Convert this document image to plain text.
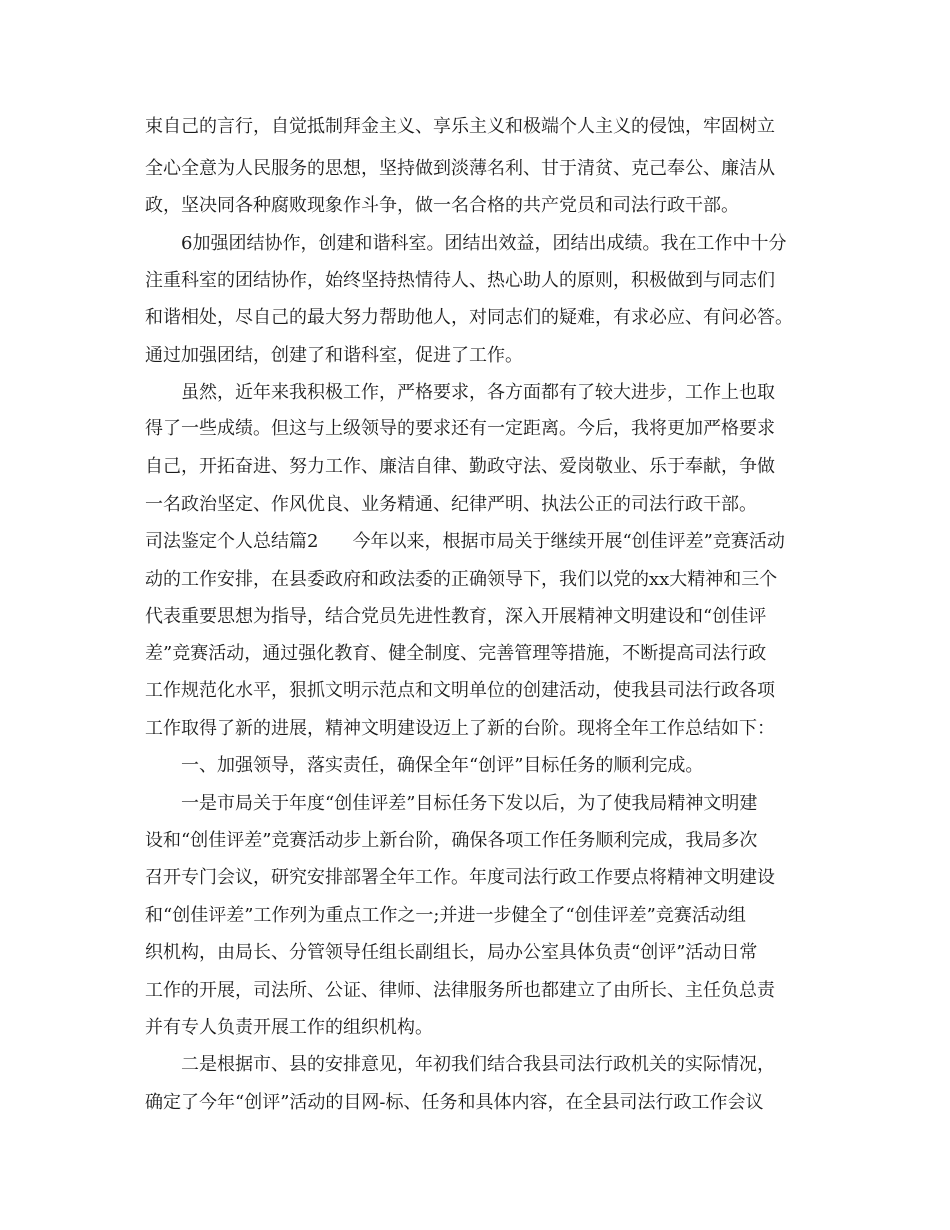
束自己的言行，自觉抵制拜金主义、享乐主义和极端个人主义的侵蚀，牢固树立
全心全意为人民服务的思想，坚持做到淡薄名利、甘于清贫、克己奉公、廉洁从
政，坚决同各种腐败现象作斗争，做一名合格的共产党员和司法行政干部。
6加强团结协作，创建和谐科室。团结出效益，团结出成绩。我在工作中十分
注重科室的团结协作，始终坚持热情待人、热心助人的原则，积极做到与同志们
和谐相处，尽自己的最大努力帮助他人，对同志们的疑难，有求必应、有问必答。
通过加强团结，创建了和谐科室，促进了工作。
虽然，近年来我积极工作，严格要求，各方面都有了较大进步，工作上也取
得了一些成绩。但这与上级领导的要求还有一定距离。今后，我将更加严格要求
自己，开拓奋进、努力工作、廉洁自律、勤政守法、爱岗敬业、乐于奉献，争做
一名政治坚定、作风优良、业务精通、纪律严明、执法公正的司法行政干部。
司法鉴定个人总结篇2 今年以来，根据市局关于继续开展“创佳评差”竞赛活动
动的工作安排，在县委政府和政法委的正确领导下，我们以党的xx大精神和三个
代表重要思想为指导，结合党员先进性教育，深入开展精神文明建设和“创佳评
差”竞赛活动，通过强化教育、健全制度、完善管理等措施，不断提高司法行政
工作规范化水平，狠抓文明示范点和文明单位的创建活动，使我县司法行政各项
工作取得了新的进展，精神文明建设迈上了新的台阶。现将全年工作总结如下：
一、加强领导，落实责任，确保全年“创评”目标任务的顺利完成。
一是市局关于年度“创佳评差”目标任务下发以后，为了使我局精神文明建
设和“创佳评差”竞赛活动步上新台阶，确保各项工作任务顺利完成，我局多次
召开专门会议，研究安排部署全年工作。年度司法行政工作要点将精神文明建设
和“创佳评差”工作列为重点工作之一;并进一步健全了“创佳评差”竞赛活动组
织机构，由局长、分管领导任组长副组长，局办公室具体负责“创评”活动日常
工作的开展，司法所、公证、律师、法律服务所也都建立了由所长、主任负总责
并有专人负责开展工作的组织机构。
二是根据市、县的安排意见，年初我们结合我县司法行政机关的实际情况，
确定了今年“创评”活动的目网-标、任务和具体内容，在全县司法行政工作会议
